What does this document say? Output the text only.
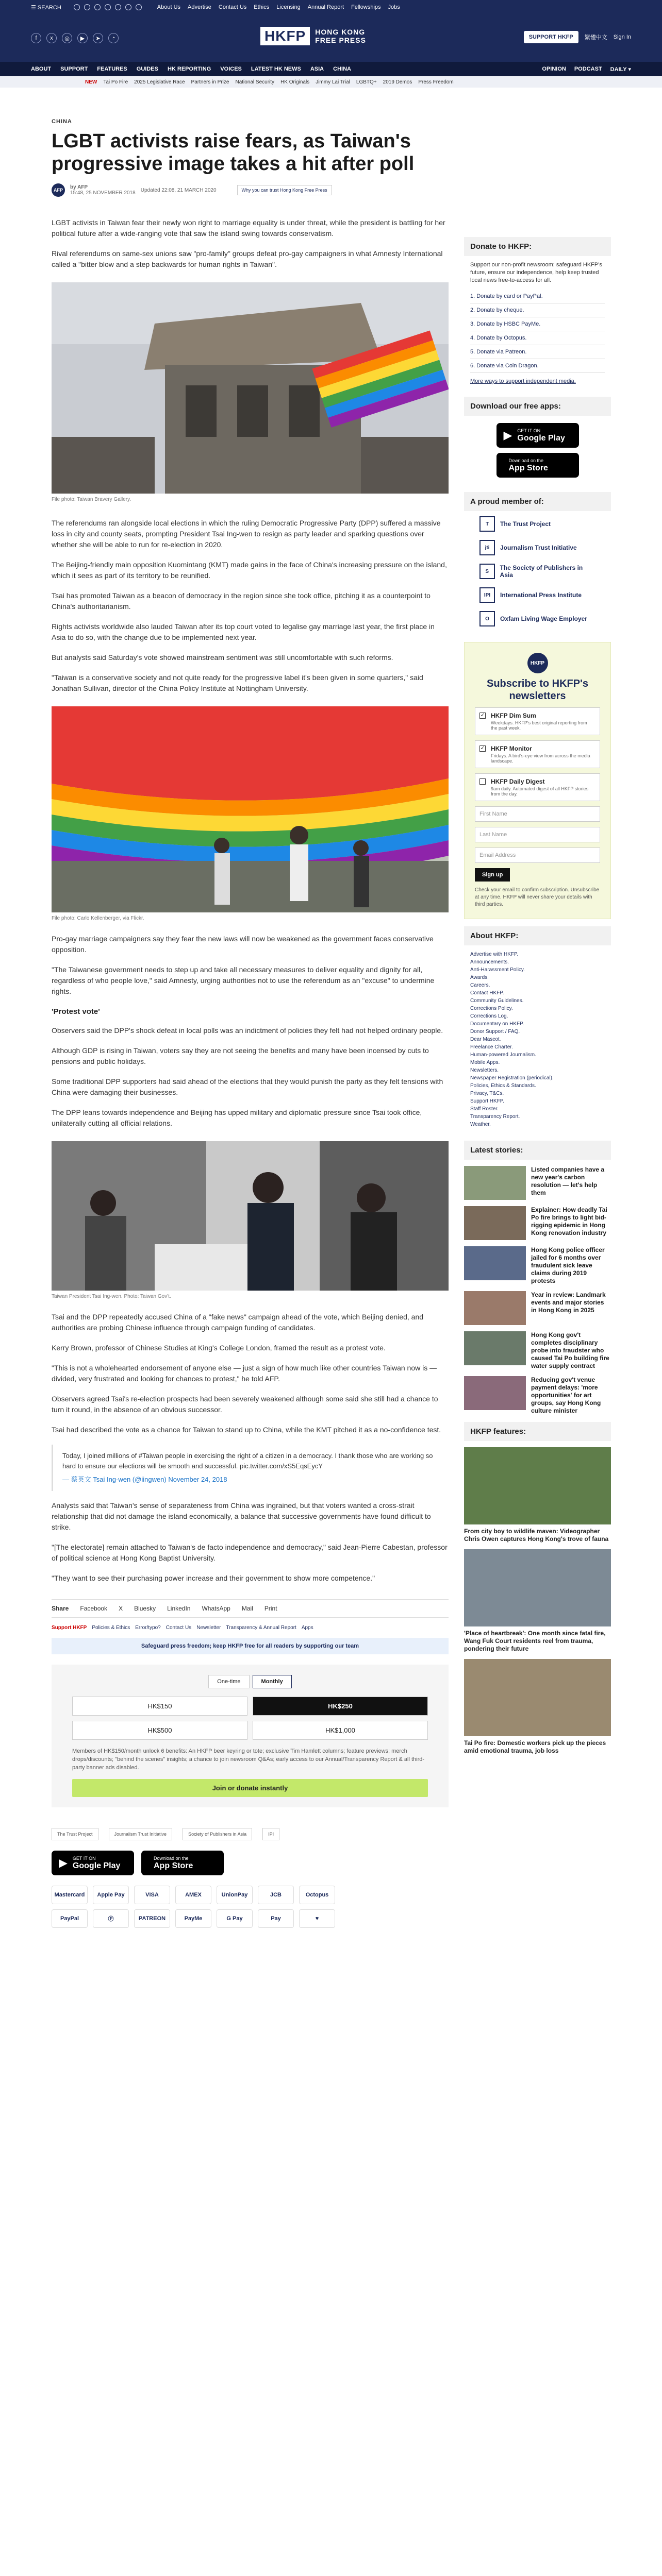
☰ SEARCH	About Us Advertise Contact Us Ethics Licensing Annual Report Fellowships Jobs
f	x	◎	▶	➤	◔	HKFP	HONG KONG
FREE PRESS	SUPPORT HKFP	繁體中文 Sign In
ABOUT SUPPORT FEATURES GUIDES HK REPORTING VOICES LATEST HK NEWS ASIA CHINA	OPINION PODCAST DAILY ▾
NEW Tai Po Fire 2025 Legislative Race Partners in Prize National Security HK Originals Jimmy Lai Trial LGBTQ+ 2019 Demos Press Freedom
CHINA
LGBT activists raise fears, as Taiwan's progressive image takes a hit after poll
AFP	by AFP
15:48, 25 NOVEMBER 2018 Updated 22:08, 21 MARCH 2020	Why you can trust Hong Kong Free Press

LGBT activists in Taiwan fear their newly won right to marriage equality is under threat, while the president is battling for her political future after a wide-ranging vote that saw the island swing towards conservatism.

Rival referendums on same-sex unions saw "pro-family" groups defeat pro-gay campaigners in what Amnesty International called a "bitter blow and a step backwards for human rights in Taiwan".

File photo: Taiwan Bravery Gallery.

The referendums ran alongside local elections in which the ruling Democratic Progressive Party (DPP) suffered a massive loss in city and county seats, prompting President Tsai Ing-wen to resign as party leader and sparking questions over whether she will be able to run for re-election in 2020.

The Beijing-friendly main opposition Kuomintang (KMT) made gains in the face of China's increasing pressure on the island, which it sees as part of its territory to be reunified.

Tsai has promoted Taiwan as a beacon of democracy in the region since she took office, pitching it as a counterpoint to China's authoritarianism.

Rights activists worldwide also lauded Taiwan after its top court voted to legalise gay marriage last year, the first place in Asia to do so, with the change due to be implemented next year.

But analysts said Saturday's vote showed mainstream sentiment was still uncomfortable with such reforms.

"Taiwan is a conservative society and not quite ready for the progressive label it's been given in some quarters," said Jonathan Sullivan, director of the China Policy Institute at Nottingham University.

File photo: Carlo Kellenberger, via Flickr.

Pro-gay marriage campaigners say they fear the new laws will now be weakened as the government faces conservative opposition.

"The Taiwanese government needs to step up and take all necessary measures to deliver equality and dignity for all, regardless of who people love," said Amnesty, urging authorities not to use the referendum as an "excuse" to undermine rights.

'Protest vote'

Observers said the DPP's shock defeat in local polls was an indictment of policies they felt had not helped ordinary people.

Although GDP is rising in Taiwan, voters say they are not seeing the benefits and many have been incensed by cuts to pensions and public holidays.

Some traditional DPP supporters had said ahead of the elections that they would punish the party as they felt tensions with China were damaging their businesses.

The DPP leans towards independence and Beijing has upped military and diplomatic pressure since Tsai took office, unilaterally cutting all official relations.

Taiwan President Tsai Ing-wen. Photo: Taiwan Gov't.

Tsai and the DPP repeatedly accused China of a "fake news" campaign ahead of the vote, which Beijing denied, and authorities are probing Chinese influence through campaign funding of candidates.

Kerry Brown, professor of Chinese Studies at King's College London, framed the result as a protest vote.

"This is not a wholehearted endorsement of anyone else — just a sign of how much like other countries Taiwan now is — divided, very frustrated and looking for chances to protest," he told AFP.

Observers agreed Tsai's re-election prospects had been severely weakened although some said she still had a chance to turn it round, in the absence of an obvious successor.

Tsai had described the vote as a chance for Taiwan to stand up to China, while the KMT pitched it as a no-confidence test.

Today, I joined millions of #Taiwan people in exercising the right of a citizen in a democracy. I thank those who are working so hard to ensure our elections will be smooth and successful. pic.twitter.com/xS5EqsEycY

— 蔡英文 Tsai Ing-wen (@iingwen) November 24, 2018

Analysts said that Taiwan's sense of separateness from China was ingrained, but that voters wanted a cross-strait relationship that did not damage the island economically, a balance that successive governments have found difficult to strike.

"[The electorate] remain attached to Taiwan's de facto independence and democracy," said Jean-Pierre Cabestan, professor of political science at Hong Kong Baptist University.

"They want to see their purchasing power increase and their government to show more competence."

Share Facebook X Bluesky LinkedIn WhatsApp Mail Print
Support HKFP Policies & Ethics Error/typo? Contact Us Newsletter Transparency & Annual Report Apps
Safeguard press freedom; keep HKFP free for all readers by supporting our team
One-time	Monthly
HK$150	HK$250
HK$500	HK$1,000

Members of HK$150/month unlock 6 benefits: An HKFP beer keyring or tote; exclusive Tim Hamlett columns; feature previews; merch drops/discounts; "behind the scenes" insights; a chance to join newsroom Q&As; early access to our Annual/Transparency Report & all third-party banner ads disabled.

Join or donate instantly
The Trust Project	Journalism Trust Initiative	Society of Publishers in Asia	IPI
▶ GET IT ON
Google Play
Download on the
App Store
Mastercard	Apple Pay	VISA	AMEX	UnionPay	JCB	Octopus
PayPal	Ⓟ	PATREON	PayMe	G Pay	Pay	♥
Donate to HKFP:

Support our non-profit newsroom: safeguard HKFP's future, ensure our independence, help keep trusted local news free-to-access for all.

1. Donate by card or PayPal.
2. Donate by cheque.
3. Donate by HSBC PayMe.
4. Donate by Octopus.
5. Donate via Patreon.
6. Donate via Coin Dragon.

More ways to support independent media.

Download our free apps:
▶ GET IT ON
Google Play
Download on the
App Store
A proud member of:
T	The Trust Project
jti	Journalism Trust Initiative
S	The Society of Publishers in Asia
IPI	International Press Institute
O	Oxfam Living Wage Employer
HKFP
Subscribe to HKFP's newsletters
✓ HKFP Dim Sum
Weekdays. HKFP's best original reporting from the past week.
✓ HKFP Monitor
Fridays. A bird's-eye view from across the media landscape.
HKFP Daily Digest
9am daily. Automated digest of all HKFP stories from the day.
First Name
Last Name
Email Address
Sign up

Check your email to confirm subscription. Unsubscribe at any time. HKFP will never share your details with third parties.

About HKFP:
Advertise with HKFP.
Announcements.
Anti-Harassment Policy.
Awards.
Careers.
Contact HKFP.
Community Guidelines.
Corrections Policy.
Corrections Log.
Documentary on HKFP.
Donor Support / FAQ.
Dear Mascot.
Freelance Charter.
Human-powered Journalism.
Mobile Apps.
Newsletters.
Newspaper Registration (periodical).
Policies, Ethics & Standards.
Privacy, T&Cs.
Support HKFP.
Staff Roster.
Transparency Report.
Weather.
Latest stories:
Listed companies have a new year's carbon resolution — let's help them
Explainer: How deadly Tai Po fire brings to light bid-rigging epidemic in Hong Kong renovation industry
Hong Kong police officer jailed for 6 months over fraudulent sick leave claims during 2019 protests
Year in review: Landmark events and major stories in Hong Kong in 2025
Hong Kong gov't completes disciplinary probe into fraudster who caused Tai Po building fire water supply contract
Reducing gov't venue payment delays: 'more opportunities' for art groups, say Hong Kong culture minister
HKFP features:
From city boy to wildlife maven: Videographer Chris Owen captures Hong Kong's trove of fauna
'Place of heartbreak': One month since fatal fire, Wang Fuk Court residents reel from trauma, pondering their future
Tai Po fire: Domestic workers pick up the pieces amid emotional trauma, job loss
